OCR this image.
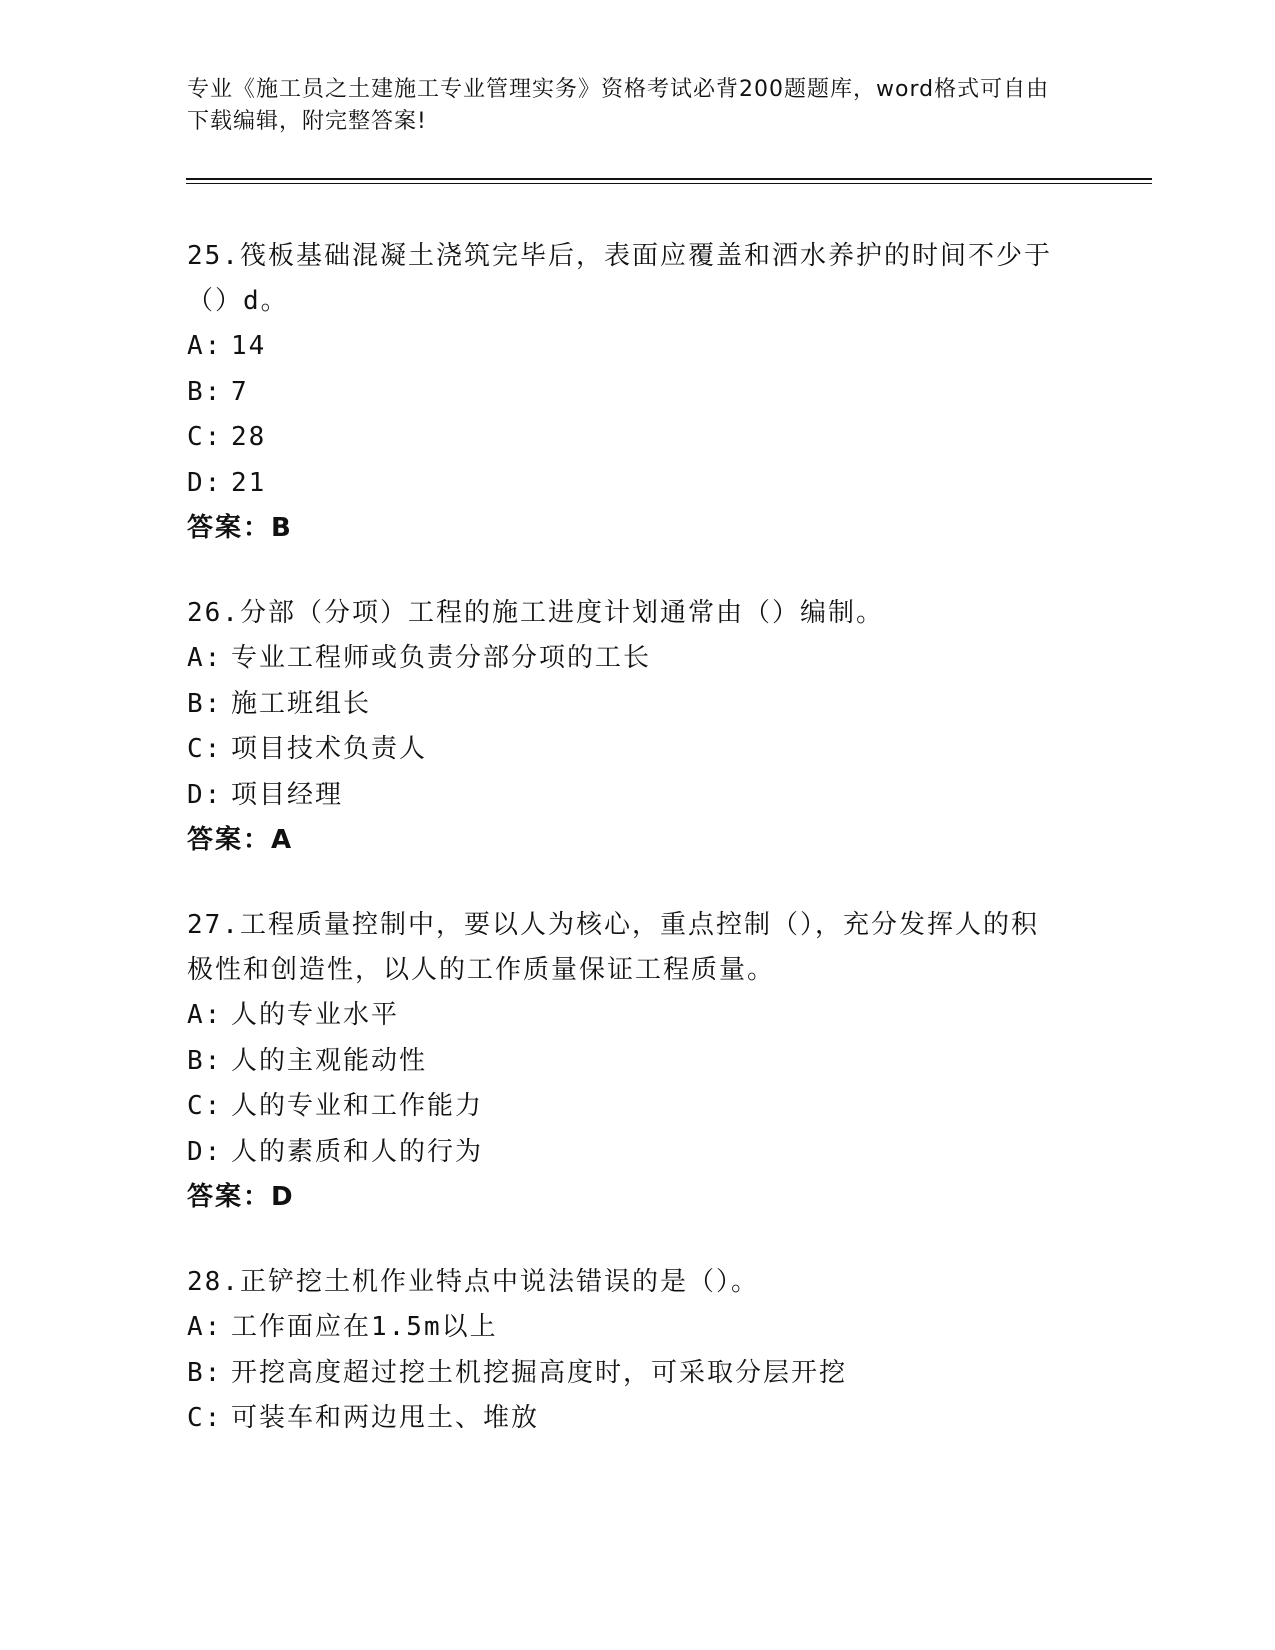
专业《施工员之土建施工专业管理实务》资格考试必背200题题库，word格式可自由下载编辑，附完整答案!

25.筏板基础混凝土浇筑完毕后，表面应覆盖和洒水养护的时间不少于（）d。

A: 14

B: 7

C: 28

D: 21

答案：B

26.分部（分项）工程的施工进度计划通常由（）编制。

A: 专业工程师或负责分部分项的工长

B: 施工班组长

C: 项目技术负责人

D: 项目经理

答案：A

27.工程质量控制中，要以人为核心，重点控制（），充分发挥人的积极性和创造性，以人的工作质量保证工程质量。

A: 人的专业水平

B: 人的主观能动性

C: 人的专业和工作能力

D: 人的素质和人的行为

答案：D

28.正铲挖土机作业特点中说法错误的是（）。

A: 工作面应在1.5m以上

B: 开挖高度超过挖土机挖掘高度时，可采取分层开挖

C: 可装车和两边甩土、堆放
